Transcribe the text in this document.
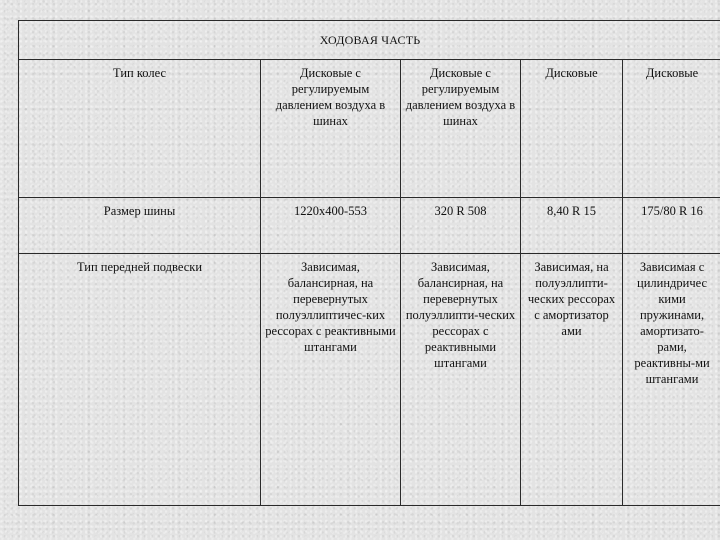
ХОДОВАЯ ЧАСТЬ				
Тип колес	Дисковые с регулируемым давлением воздуха в шинах	Дисковые с регулируемым давлением воздуха в шинах	Дисковые	Дисковые
Размер шины	1220х400-553	320 R 508	8,40 R 15	175/80 R 16
Тип передней подвески	Зависимая, балансирная, на перевернутых полуэллиптичес-ких рессорах с реактивными штангами	Зависимая, балансирная, на перевернутых полуэллипти-ческих рессорах с реактивными штангами	Зависимая, на полуэллипти-ческих рессорах с амортизатор ами	Зависимая с цилиндричес кими пружинами, амортизато-рами, реактивны-ми штангами
